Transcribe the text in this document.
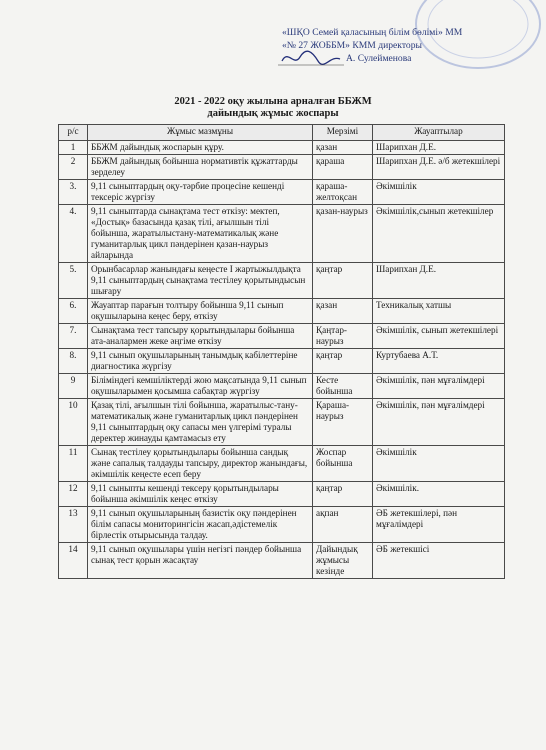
«ШҚО Семей қаласының білім бөлімі» ММ
«№ 27 ЖОББМ» КММ директоры
А. Сулейменова
2021 - 2022 оқу жылына арналған ББЖМ
дайындық жұмыс жоспары
р/с	Жұмыс мазмұны	Мерзімі	Жауаптылар
1	ББЖМ дайындық жоспарын құру.	қазан	Шарипхан Д.Е.
2	ББЖМ дайындық бойынша нормативтік құжаттарды зерделеу	қараша	Шарипхан Д.Е. ә/б жетекшілері
3.	9,11 сыныптардың оқу-тәрбие процесіне кешенді тексеріс жүргізу	қараша-желтоқсан	Әкімшілік
4.	9,11 сыныптарда сынақтама тест өткізу: мектеп, «Достық» базасында қазақ тілі, ағылшын тілі бойынша, жаратылыстану-математикалық және гуманитарлық цикл пәндерінен қазан-наурыз айларында	қазан-наурыз	Әкімшілік,сынып жетекшілер
5.	Орынбасарлар жанындағы кеңесте І жартыжылдықта 9,11 сыныптардың сынақтама тестілеу қорытындысын шығару	қаңтар	Шарипхан Д.Е.
6.	Жауаптар парағын толтыру бойынша 9,11 сынып оқушыларына кеңес беру, өткізу	қазан	Техникалық хатшы
7.	Сынақтама тест тапсыру қорытындылары бойынша ата-аналармен жеке әңгіме өткізу	Қаңтар-наурыз	Әкімшілік, сынып жетекшілері
8.	9,11 сынып оқушыларының танымдық кабілеттеріне диагностика жүргізу	қаңтар	Куртубаева А.Т.
9	Біліміндегі кемшіліктерді жою мақсатында 9,11 сынып оқушыларымен қосымша сабақтар жүргізу	Кесте бойынша	Әкімшілік, пән мұғалімдері
10	Қазақ тілі, ағылшын тілі бойынша, жаратылыс-тану-математикалық және гуманитарлық цикл пәндерінен 9,11 сыныптардың оқу сапасы мен үлгерімі туралы деректер жинауды қамтамасыз ету	Қараша-наурыз	Әкімшілік, пән мұғалімдері
11	Сынақ тестілеу қорытындылары бойынша сандық және сапалық талдауды тапсыру, директор жанындағы, әкімшілік кеңесте есеп беру	Жоспар бойынша	Әкімшілік
12	9,11 сыныпты кешенді тексеру қорытындылары бойынша әкімшілік кеңес өткізу	қаңтар	Әкімшілік.
13	9,11 сынып оқушыларының базистік оқу пәндерінен білім сапасы мониторингісін жасап,әдістемелік бірлестік отырысында талдау.	ақпан	ӘБ жетекшілері, пән мұғалімдері
14	9,11 сынып оқушылары үшін негізгі пәндер бойынша сынақ тест қорын жасақтау	Дайындық жұмысы кезінде	ӘБ жетекшісі
